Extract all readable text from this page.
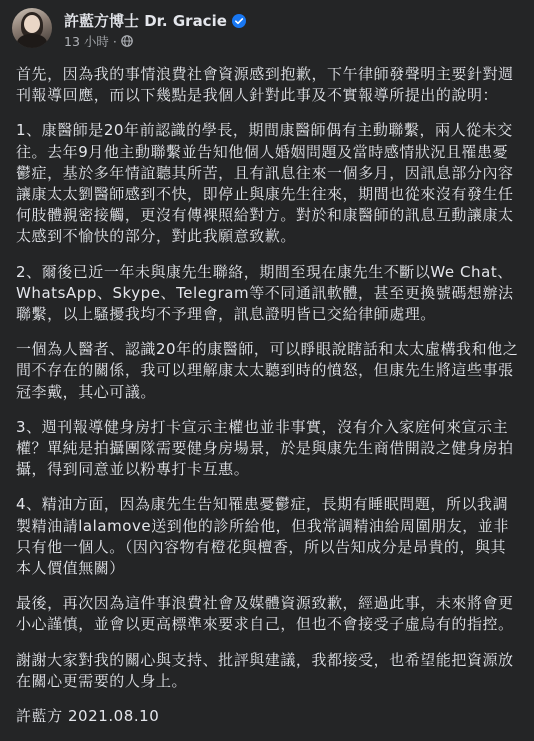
許藍方博士 Dr. Gracie
13 小時 ·

首先，因為我的事情浪費社會資源感到抱歉，下午律師發聲明主要針對週刊報導回應，而以下幾點是我個人針對此事及不實報導所提出的說明：

1、康醫師是20年前認識的學長，期間康醫師偶有主動聯繫，兩人從未交往。去年9月他主動聯繫並告知他個人婚姻問題及當時感情狀況且罹患憂鬱症，基於多年情誼聽其所苦，且有訊息往來一個多月，因訊息部分內容讓康太太劉醫師感到不快，即停止與康先生往來，期間也從來沒有發生任何肢體親密接觸，更沒有傳裸照給對方。對於和康醫師的訊息互動讓康太太感到不愉快的部分，對此我願意致歉。

2、爾後已近一年未與康先生聯絡，期間至現在康先生不斷以We Chat、WhatsApp、Skype、Telegram等不同通訊軟體，甚至更換號碼想辦法聯繫，以上騷擾我均不予理會，訊息證明皆已交給律師處理。

一個為人醫者、認識20年的康醫師，可以睜眼說瞎話和太太虛構我和他之間不存在的關係，我可以理解康太太聽到時的憤怒，但康先生將這些事張冠李戴，其心可議。

3、週刊報導健身房打卡宣示主權也並非事實，沒有介入家庭何來宣示主權？單純是拍攝團隊需要健身房場景，於是與康先生商借開設之健身房拍攝，得到同意並以粉專打卡互惠。

4、精油方面，因為康先生告知罹患憂鬱症，長期有睡眠問題，所以我調製精油請lalamove送到他的診所給他，但我常調精油給周圍朋友，並非只有他一個人。（因內容物有橙花與檀香，所以告知成分是昂貴的，與其本人價值無關）

最後，再次因為這件事浪費社會及媒體資源致歉，經過此事，未來將會更小心謹慎，並會以更高標準來要求自己，但也不會接受子虛烏有的指控。

謝謝大家對我的關心與支持、批評與建議，我都接受，也希望能把資源放在關心更需要的人身上。

許藍方 2021.08.10
